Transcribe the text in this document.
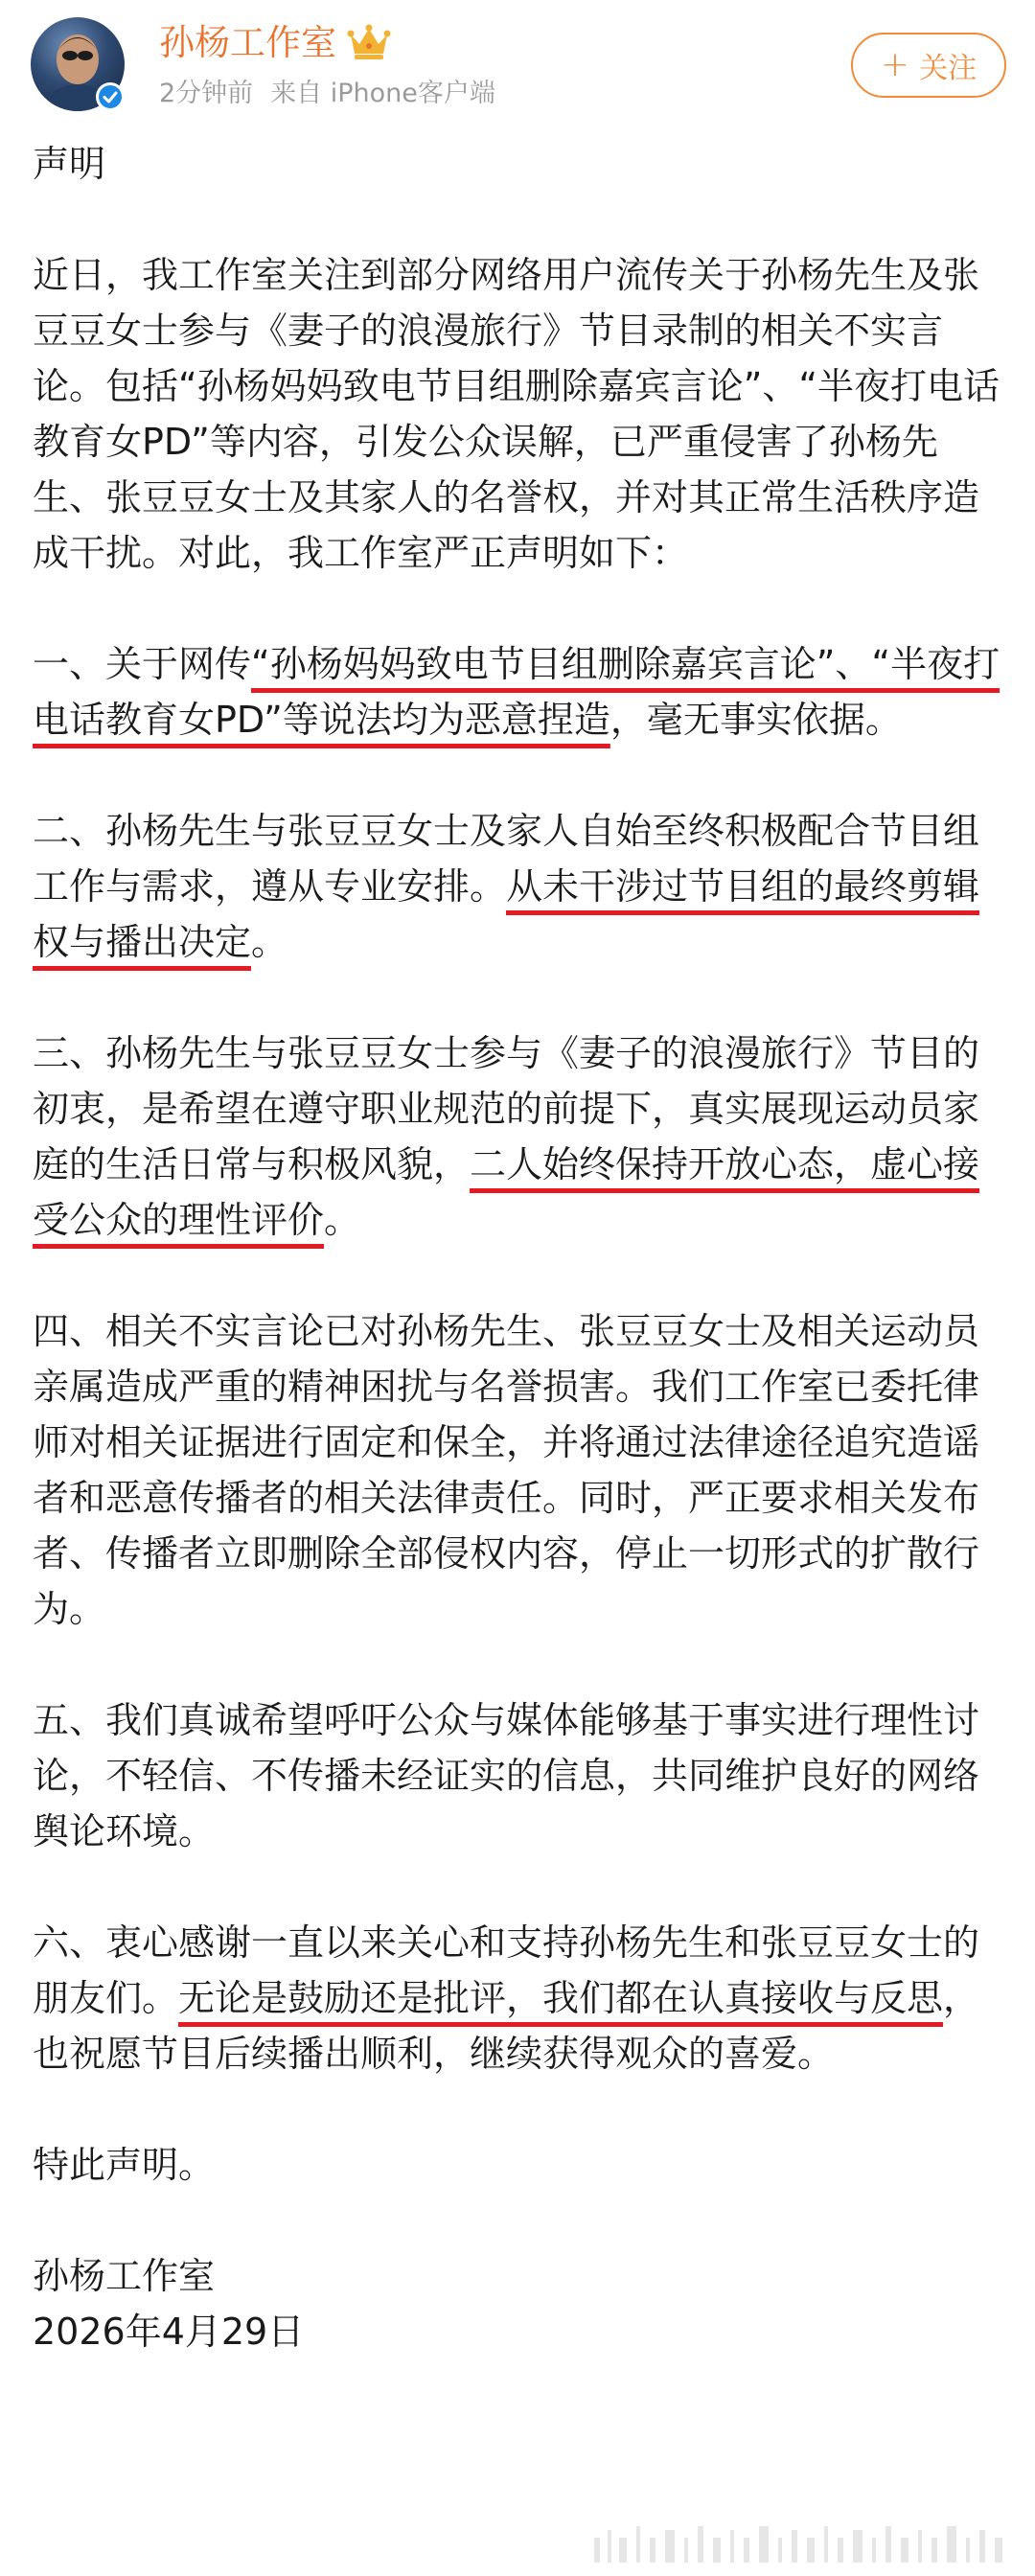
孙杨工作室
2分钟前 来自 iPhone客户端
+ 关注

声明

近日，我工作室关注到部分网络用户流传关于孙杨先生及张豆豆女士参与《妻子的浪漫旅行》节目录制的相关不实言论。包括“孙杨妈妈致电节目组删除嘉宾言论”、“半夜打电话教育女PD”等内容，引发公众误解，已严重侵害了孙杨先生、张豆豆女士及其家人的名誉权，并对其正常生活秩序造成干扰。对此，我工作室严正声明如下：

一、关于网传“孙杨妈妈致电节目组删除嘉宾言论”、“半夜打电话教育女PD”等说法均为恶意捏造，毫无事实依据。

二、孙杨先生与张豆豆女士及家人自始至终积极配合节目组工作与需求，遵从专业安排。从未干涉过节目组的最终剪辑权与播出决定。

三、孙杨先生与张豆豆女士参与《妻子的浪漫旅行》节目的初衷，是希望在遵守职业规范的前提下，真实展现运动员家庭的生活日常与积极风貌，二人始终保持开放心态，虚心接受公众的理性评价。

四、相关不实言论已对孙杨先生、张豆豆女士及相关运动员亲属造成严重的精神困扰与名誉损害。我们工作室已委托律师对相关证据进行固定和保全，并将通过法律途径追究造谣者和恶意传播者的相关法律责任。同时，严正要求相关发布者、传播者立即删除全部侵权内容，停止一切形式的扩散行为。

五、我们真诚希望呼吁公众与媒体能够基于事实进行理性讨论，不轻信、不传播未经证实的信息，共同维护良好的网络舆论环境。

六、衷心感谢一直以来关心和支持孙杨先生和张豆豆女士的朋友们。无论是鼓励还是批评，我们都在认真接收与反思，也祝愿节目后续播出顺利，继续获得观众的喜爱。

特此声明。

孙杨工作室

2026年4月29日
